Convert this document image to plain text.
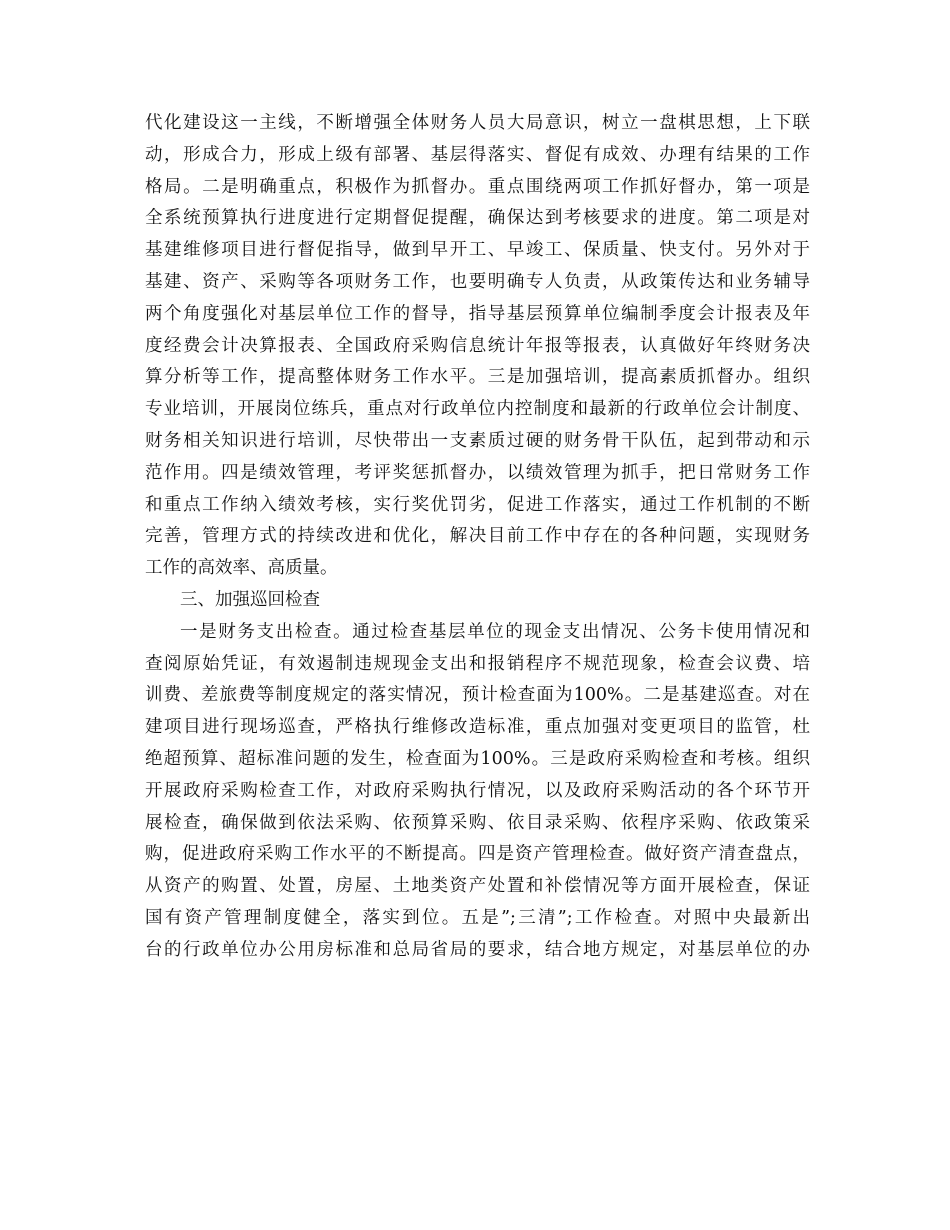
代化建设这一主线，不断增强全体财务人员大局意识，树立一盘棋思想，上下联
动，形成合力，形成上级有部署、基层得落实、督促有成效、办理有结果的工作
格局。二是明确重点，积极作为抓督办。重点围绕两项工作抓好督办，第一项是
全系统预算执行进度进行定期督促提醒，确保达到考核要求的进度。第二项是对
基建维修项目进行督促指导，做到早开工、早竣工、保质量、快支付。另外对于
基建、资产、采购等各项财务工作，也要明确专人负责，从政策传达和业务辅导
两个角度强化对基层单位工作的督导，指导基层预算单位编制季度会计报表及年
度经费会计决算报表、全国政府采购信息统计年报等报表，认真做好年终财务决
算分析等工作，提高整体财务工作水平。三是加强培训，提高素质抓督办。组织
专业培训，开展岗位练兵，重点对行政单位内控制度和最新的行政单位会计制度、
财务相关知识进行培训，尽快带出一支素质过硬的财务骨干队伍，起到带动和示
范作用。四是绩效管理，考评奖惩抓督办，以绩效管理为抓手，把日常财务工作
和重点工作纳入绩效考核，实行奖优罚劣，促进工作落实，通过工作机制的不断
完善，管理方式的持续改进和优化，解决目前工作中存在的各种问题，实现财务
工作的高效率、高质量。
三、加强巡回检查
一是财务支出检查。通过检查基层单位的现金支出情况、公务卡使用情况和
查阅原始凭证，有效遏制违规现金支出和报销程序不规范现象，检查会议费、培
训费、差旅费等制度规定的落实情况，预计检查面为100%。二是基建巡查。对在
建项目进行现场巡查，严格执行维修改造标准，重点加强对变更项目的监管，杜
绝超预算、超标准问题的发生，检查面为100%。三是政府采购检查和考核。组织
开展政府采购检查工作，对政府采购执行情况，以及政府采购活动的各个环节开
展检查，确保做到依法采购、依预算采购、依目录采购、依程序采购、依政策采
购，促进政府采购工作水平的不断提高。四是资产管理检查。做好资产清查盘点，
从资产的购置、处置，房屋、土地类资产处置和补偿情况等方面开展检查，保证
国有资产管理制度健全，落实到位。五是”;三清”;工作检查。对照中央最新出
台的行政单位办公用房标准和总局省局的要求，结合地方规定，对基层单位的办
